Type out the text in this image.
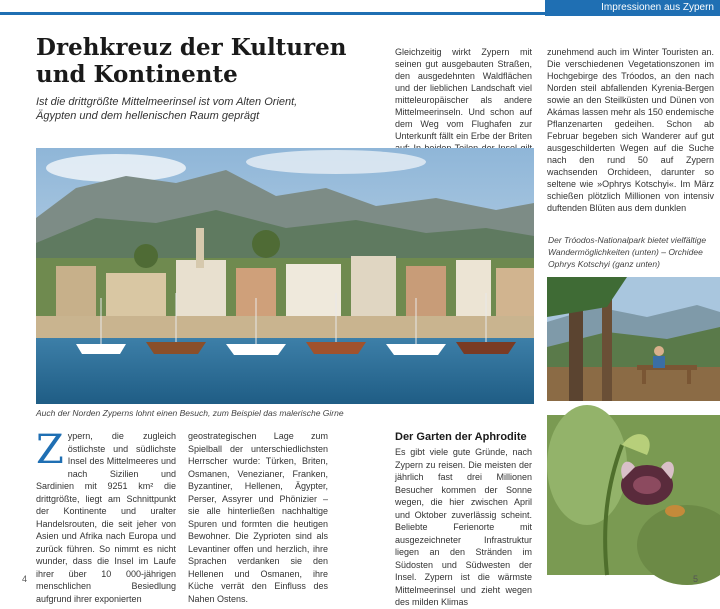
Impressionen aus Zypern
Drehkreuz der Kulturen und Kontinente

Ist die drittgrößte Mittelmeerinsel ist vom Alten Orient, Ägypten und dem hellenischen Raum geprägt

Gleichzeitig wirkt Zypern mit seinen gut ausgebauten Straßen, den ausgedehnten Waldflächen und der lieblichen Landschaft viel mitteleuropäischer als andere Mittelmeerinseln. Und schon auf dem Weg vom Flughafen zur Unterkunft fällt ein Erbe der Briten

zunehmend auch im Winter Touristen an. Die verschiedenen Vegetationszonen im Hochgebirge des Tróodos, an den nach Norden steil abfallenden Kyrenia-Bergen sowie an den Steilküsten und Dünen von Akámas lassen mehr als 150 endemische Pflanzenarten gedeihen. Schon ab Februar begeben sich Wanderer auf gut ausgeschilderten Wegen auf die Suche nach den rund 50 auf Zypern wachsenden Orchideen, darunter so seltene wie »Ophrys Kotschyi«. Im März schießen plötzlich Millionen von intensiv duftenden Blüten aus dem dunklen

Auch der Norden Zyperns lohnt einen Besuch, zum Beispiel das malerische Girne

Der Tróodos-Nationalpark bietet vielfältige Wandermöglichkeiten (unten) – Orchidee Ophrys Kotschyi (ganz unten)

Z ypern, die zugleich östlichste und südlichste Insel des Mittelmeeres und nach Sizilien und Sardinien mit 9251 km² die drittgrößte, liegt am Schnittpunkt der Kontinente und uralter Handelsrouten, die seit jeher von Asien und Afrika nach Europa und zurück führen. So nimmt es nicht wunder, dass die Insel im Laufe ihrer über 10 000-jährigen menschlichen Besiedlung aufgrund ihrer exponierten

geostrategischen Lage zum Spielball der unterschiedlichsten Herrscher wurde: Türken, Briten, Osmanen, Venezianer, Franken, Byzantiner, Hellenen, Ägypter, Perser, Assyrer und Phönizier – sie alle hinterließen nachhaltige Spuren und formten die heutigen Bewohner. Die Zyprioten sind als Levantiner offen und herzlich, ihre Sprachen verdanken sie den Hellenen und Osmanen, ihre Küche verrät den Einfluss des Nahen Ostens.

Der Garten der Aphrodite

Es gibt viele gute Gründe, nach Zypern zu reisen. Die meisten der jährlich fast drei Millionen Besucher kommen der Sonne wegen, die hier zwischen April und Oktober zuverlässig scheint. Beliebte Ferienorte mit ausgezeichneter Infrastruktur liegen an den Stränden im Südosten und Südwesten der Insel. Zypern ist die wärmste Mittelmeerinsel und zieht wegen des milden Klimas

4	5
